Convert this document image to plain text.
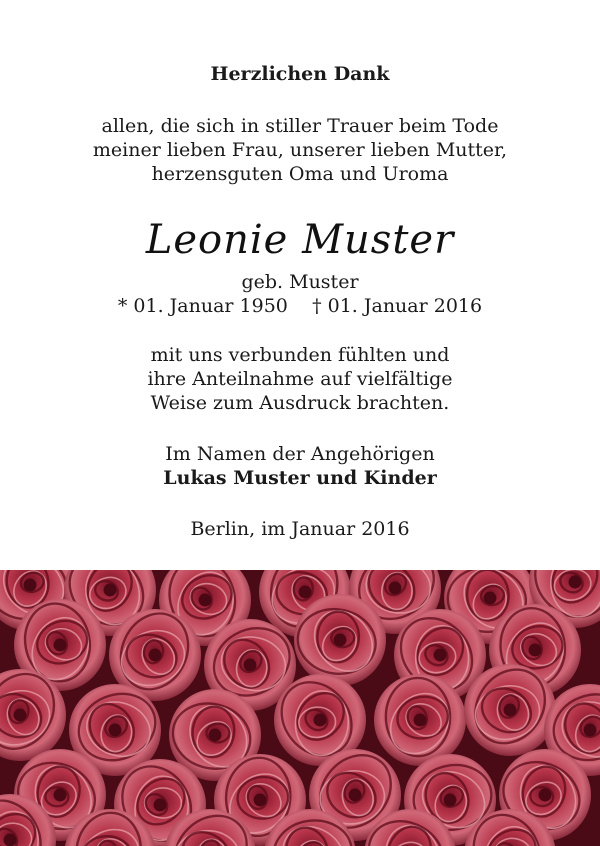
Herzlichen Dank
allen, die sich in stiller Trauer beim Tode
meiner lieben Frau, unserer lieben Mutter,
herzensguten Oma und Uroma
Leonie Muster
geb. Muster
* 01. Januar 1950 † 01. Januar 2016
mit uns verbunden fühlten und
ihre Anteilnahme auf vielfältige
Weise zum Ausdruck brachten.
Im Namen der Angehörigen
Lukas Muster und Kinder
Berlin, im Januar 2016
